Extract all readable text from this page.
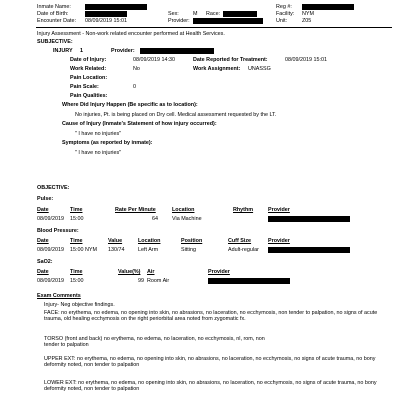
Inmate Name:
Date of Birth:
Encounter Date: 08/09/2019 15:01
Sex:	M Race:
Provider:
Reg #:
Facility: NYM
Unit:	Z05
Injury Assessment - Non-work related encounter performed at Health Services.
SUBJECTIVE:
INJURY 1	Provider:
Date of Injury:	08/09/2019 14:30	Date Reported for Treatment:	08/09/2019 15:01
Work Related:	No	Work Assignment: UNASSG
Pain Location:
Pain Scale:	0
Pain Qualities:
Where Did Injury Happen (Be specific as to location):
No injuries, Pt. is being placed on Dry cell. Medical assessment requested by the LT.
Cause of Injury (Inmate's Statement of how injury occurred):
" I have no injuries"
Symptoms (as reported by inmate):
" I have no injuries"
OBJECTIVE:
Pulse:
Date	Time	Rate Per Minute	Location	Rhythm	Provider
08/09/2019 15:00	64	Via Machine
Blood Pressure:
Date	Time	Value	Location	Position	Cuff Size	Provider
08/09/2019 15:00 NYM 130/74	Left Arm	Sitting	Adult-regular
SaO2:
Date	Time	Value(%) Air	Provider
08/09/2019 15:00	99 Room Air
Exam Comments
Injury- Neg objective findings.
FACE: no erythema, no edema, no opening into skin, no abrasions, no laceration, no ecchymosis, non tender to palpation, no signs of acute trauma, old healing ecchymosis on the right periorbital area noted from zygomatic fx.
TORSO (front and back) no erythema, no edema, no laceration, no ecchymosis, nl, rom, non tender to palpation
UPPER EXT: no erythema, no edema, no opening into skin, no abrasions, no laceration, no ecchymosis, no signs of acute trauma, no bony deformity noted, non tender to palpation
LOWER EXT: no erythema, no edema, no opening into skin, no abrasions, no laceration, no ecchymosis, no signs of acute trauma, no bony deformity noted, non tender to palpation
